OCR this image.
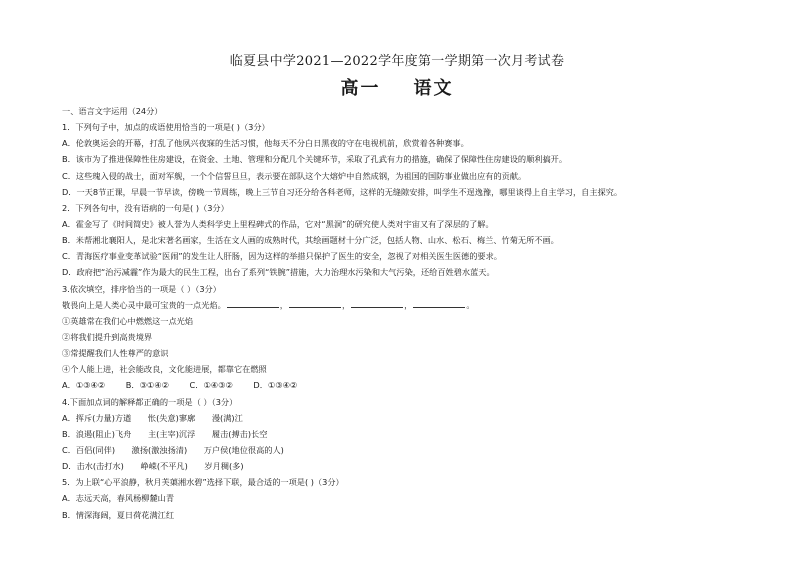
临夏县中学2021—2022学年度第一学期第一次月考试卷
高一    语文
一、语言文字运用（24分）
1．下列句子中，加点的成语使用恰当的一项是( )（3分）
A．伦敦奥运会的开幕，打乱了他夙兴夜寐的生活习惯，他每天不分白日黑夜的守在电视机前，欣赏着各种赛事。
B．该市为了推进保障性住房建设，在资金、土地、管理和分配几个关键环节，采取了孔武有力的措施，确保了保障性住房建设的顺利搞开。
C．这些瑰入侵的战士，面对军舰，一个个信誓旦旦，表示要在部队这个大熔炉中自然成钢，为祖国的国防事业做出应有的贡献。
D．一天8节正课，早晨一节早读，傍晚一节周练，晚上三节自习还分给各科老师，这样的无缝隙安排，叫学生不逞逸豫，哪里谈得上自主学习，自主探究。
2．下列各句中，没有语病的一句是( )（3分）
A．霍金写了《时间简史》被人誉为人类科学史上里程碑式的作品，它对“黑洞”的研究使人类对宇宙又有了深层的了解。
B．米帮湘北襄阳人，是北宋著名画家，生活在文人画的成熟时代，其绘画题材十分广泛，包括人物、山水、松石、梅兰、竹菊无所不画。
C．青海医疗事业变革试验“医闹”的发生让人肝肠，因为这样的举措只保护了医生的安全，忽视了对相关医生医德的要求。
D．政府把“治污减霾”作为最大的民生工程，出台了系列“铁腕”措施，大力治理水污染和大气污染，还给百姓碧水蓝天。
3.依次填空，排序恰当的一项是（ ）（3分）
敬畏向上是人类心灵中最可宝贵的一点光焰。	，	，	，	。
①英雄常在我们心中燃燃这一点光焰
②将我们提升到高贵境界
③常提醒我们人性尊严的意识
④个人能上进，社会能改良，文化能进展，都靠它在燃照
A．①③④②	B．③①④②	C．①④③②	D．①③④②
4.下面加点词的解释都正确的一项是（ ）（3分）
A．挥斥(力量)方遒 怅(失意)寥廓 漫(满)江
B．浪遏(阻止)飞舟 主(主宰)沉浮 履击(搏击)长空
C．百侣(同伴) 激扬(激浊扬清) 万户侯(地位很高的人)
D．击水(击打水) 峥嵘(不平凡) 岁月稠(多)
5．为上联“心平浪静，秋月芙蕖湘水碧”选择下联，最合适的一项是( )（3分）
A．志远天高，春风杨柳麓山青
B．情深海阔，夏日荷花满江红
